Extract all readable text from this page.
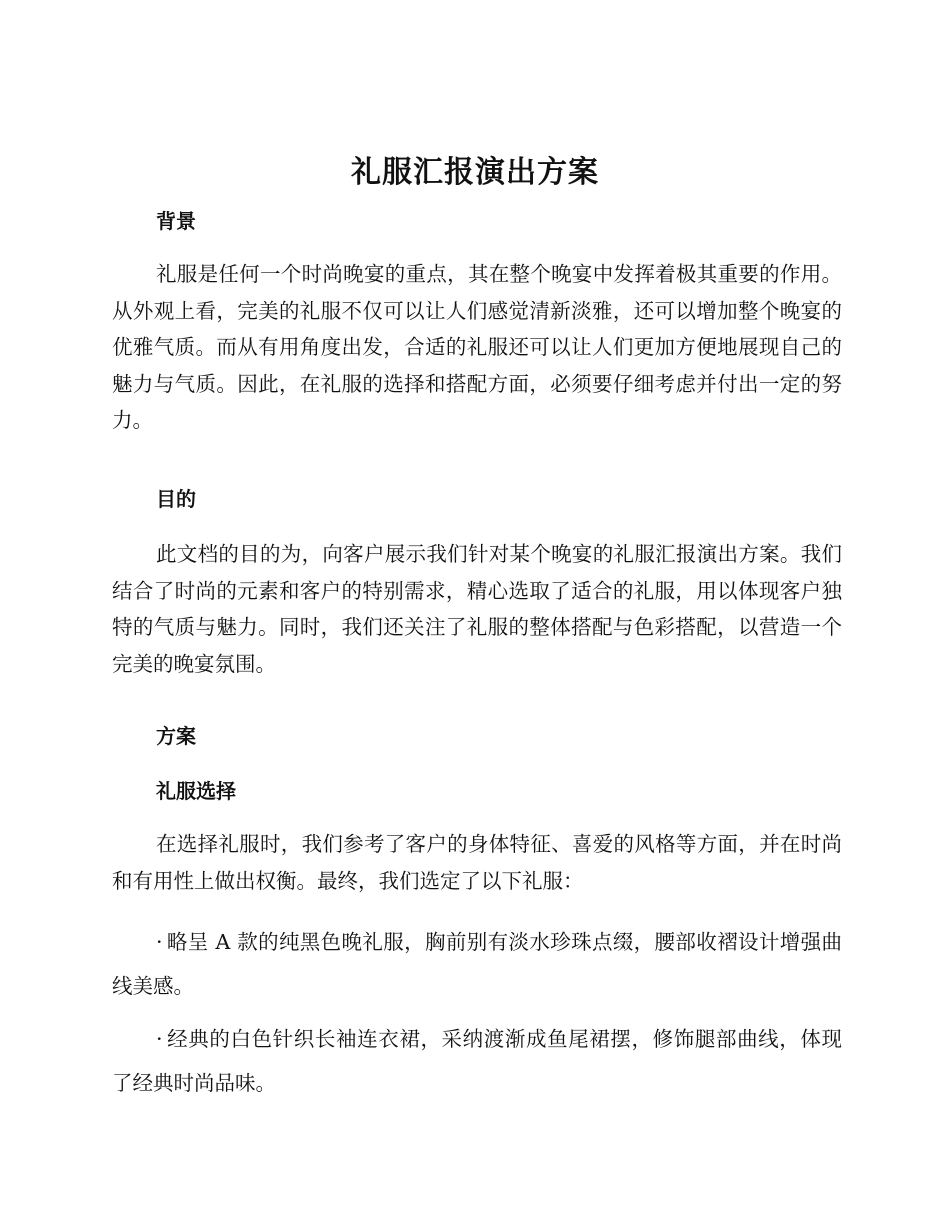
礼服汇报演出方案
背景

礼服是任何一个时尚晚宴的重点，其在整个晚宴中发挥着极其重要的作用。从外观上看，完美的礼服不仅可以让人们感觉清新淡雅，还可以增加整个晚宴的优雅气质。而从有用角度出发，合适的礼服还可以让人们更加方便地展现自己的魅力与气质。因此，在礼服的选择和搭配方面，必须要仔细考虑并付出一定的努力。

目的

此文档的目的为，向客户展示我们针对某个晚宴的礼服汇报演出方案。我们结合了时尚的元素和客户的特别需求，精心选取了适合的礼服，用以体现客户独特的气质与魅力。同时，我们还关注了礼服的整体搭配与色彩搭配，以营造一个完美的晚宴氛围。

方案
礼服选择

在选择礼服时，我们参考了客户的身体特征、喜爱的风格等方面，并在时尚和有用性上做出权衡。最终，我们选定了以下礼服：

· 略呈 A 款的纯黑色晚礼服，胸前别有淡水珍珠点缀，腰部收褶设计增强曲线美感。

· 经典的白色针织长袖连衣裙，采纳渡渐成鱼尾裙摆，修饰腿部曲线，体现了经典时尚品味。
